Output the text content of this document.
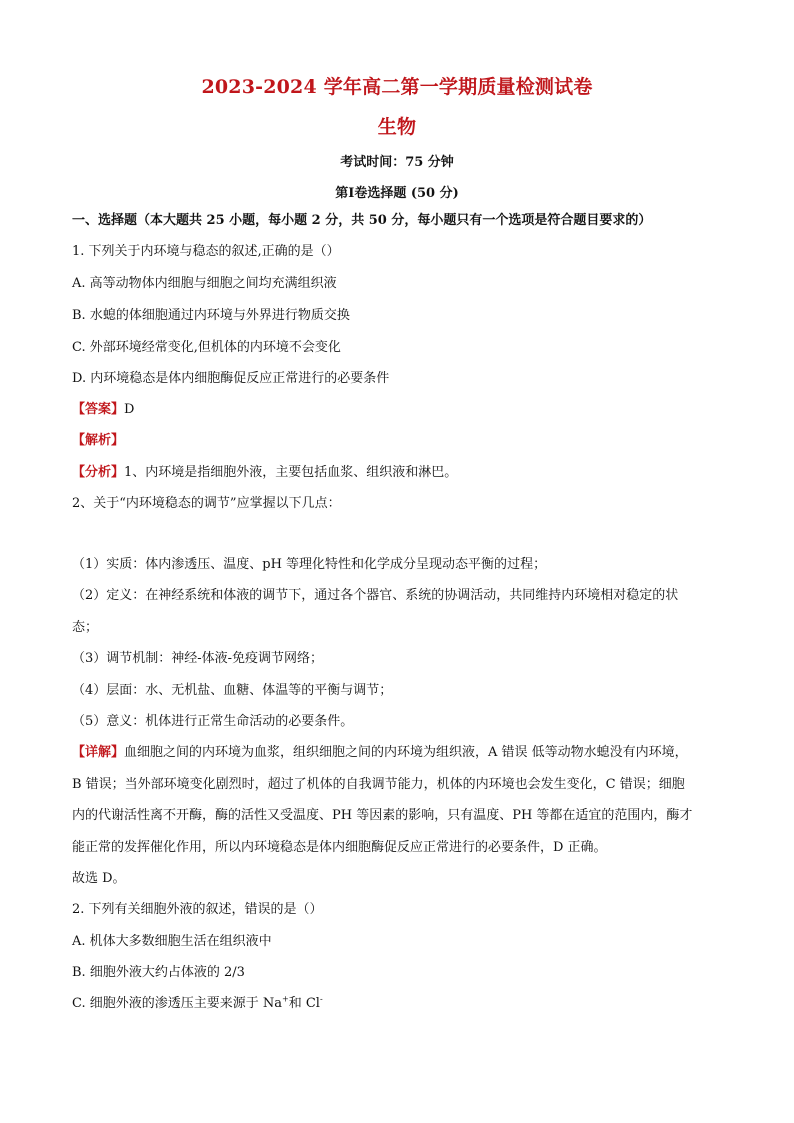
2023-2024 学年高二第一学期质量检测试卷
生物
考试时间：75 分钟
第Ⅰ卷选择题 (50 分)
一、选择题（本大题共 25 小题，每小题 2 分，共 50 分，每小题只有一个选项是符合题目要求的）
1. 下列关于内环境与稳态的叙述,正确的是（）
A. 高等动物体内细胞与细胞之间均充满组织液
B. 水螅的体细胞通过内环境与外界进行物质交换
C. 外部环境经常变化,但机体的内环境不会变化
D. 内环境稳态是体内细胞酶促反应正常进行的必要条件
【答案】D
【解析】
【分析】1、内环境是指细胞外液，主要包括血浆、组织液和淋巴。
2、关于“内环境稳态的调节”应掌握以下几点：
（1）实质：体内渗透压、温度、pH 等理化特性和化学成分呈现动态平衡的过程；
（2）定义：在神经系统和体液的调节下，通过各个器官、系统的协调活动，共同维持内环境相对稳定的状
态；
（3）调节机制：神经-体液-免疫调节网络；
（4）层面：水、无机盐、血糖、体温等的平衡与调节；
（5）意义：机体进行正常生命活动的必要条件。
【详解】血细胞之间的内环境为血浆，组织细胞之间的内环境为组织液，A 错误 低等动物水螅没有内环境，
B 错误；当外部环境变化剧烈时，超过了机体的自我调节能力，机体的内环境也会发生变化，C 错误；细胞
内的代谢活性离不开酶，酶的活性又受温度、PH 等因素的影响，只有温度、PH 等都在适宜的范围内，酶才
能正常的发挥催化作用，所以内环境稳态是体内细胞酶促反应正常进行的必要条件，D 正确。
故选 D。
2. 下列有关细胞外液的叙述，错误的是（）
A. 机体大多数细胞生活在组织液中
B. 细胞外液大约占体液的 2/3
C. 细胞外液的渗透压主要来源于 Na+和 Cl-
